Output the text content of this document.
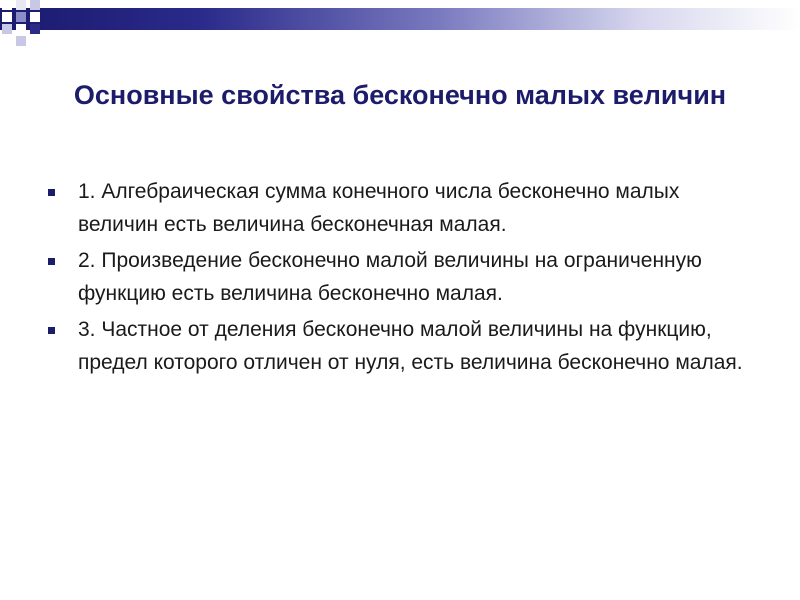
Основные свойства бесконечно малых величин
1. Алгебраическая сумма конечного числа бесконечно малых величин есть величина бесконечная малая.
2. Произведение бесконечно малой величины на ограниченную функцию есть величина бесконечно малая.
3. Частное от деления бесконечно малой величины на функцию, предел которого отличен от нуля, есть величина бесконечно малая.
